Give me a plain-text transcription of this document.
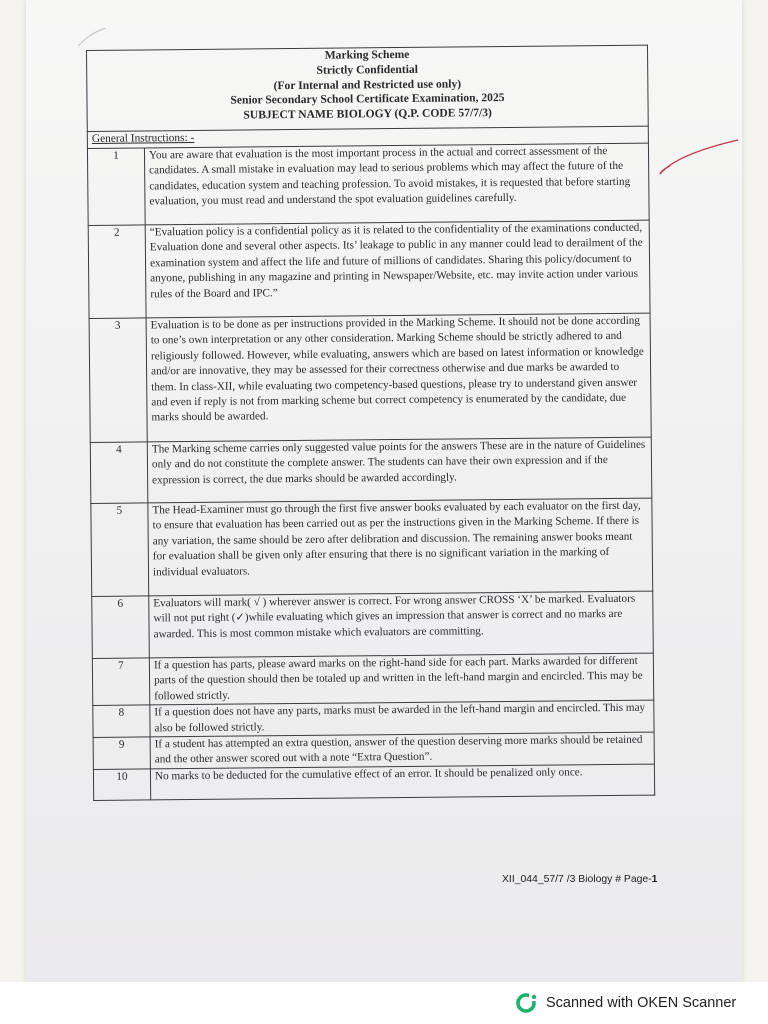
Marking Scheme
Strictly Confidential
(For Internal and Restricted use only)
Senior Secondary School Certificate Examination, 2025
SUBJECT NAME BIOLOGY (Q.P. CODE 57/7/3)	

General Instructions: -	
1	You are aware that evaluation is the most important process in the actual and correct assessment of the candidates. A small mistake in evaluation may lead to serious problems which may affect the future of the candidates, education system and teaching profession. To avoid mistakes, it is requested that before starting evaluation, you must read and understand the spot evaluation guidelines carefully.
2	“Evaluation policy is a confidential policy as it is related to the confidentiality of the examinations conducted, Evaluation done and several other aspects. Its’ leakage to public in any manner could lead to derailment of the examination system and affect the life and future of millions of candidates. Sharing this policy/document to anyone, publishing in any magazine and printing in Newspaper/Website, etc. may invite action under various rules of the Board and IPC.”
3	Evaluation is to be done as per instructions provided in the Marking Scheme. It should not be done according to one’s own interpretation or any other consideration. Marking Scheme should be strictly adhered to and religiously followed. However, while evaluating, answers which are based on latest information or knowledge and/or are innovative, they may be assessed for their correctness otherwise and due marks be awarded to them. In class-XII, while evaluating two competency-based questions, please try to understand given answer and even if reply is not from marking scheme but correct competency is enumerated by the candidate, due marks should be awarded.
4	The Marking scheme carries only suggested value points for the answers These are in the nature of Guidelines only and do not constitute the complete answer. The students can have their own expression and if the expression is correct, the due marks should be awarded accordingly.
5	The Head-Examiner must go through the first five answer books evaluated by each evaluator on the first day, to ensure that evaluation has been carried out as per the instructions given in the Marking Scheme. If there is any variation, the same should be zero after delibration and discussion. The remaining answer books meant for evaluation shall be given only after ensuring that there is no significant variation in the marking of individual evaluators.
6	Evaluators will mark( √ ) wherever answer is correct. For wrong answer CROSS ‘X’ be marked. Evaluators will not put right (✓)while evaluating which gives an impression that answer is correct and no marks are awarded. This is most common mistake which evaluators are committing.
7	If a question has parts, please award marks on the right-hand side for each part. Marks awarded for different parts of the question should then be totaled up and written in the left-hand margin and encircled. This may be followed strictly.
8	If a question does not have any parts, marks must be awarded in the left-hand margin and encircled. This may also be followed strictly.
9	If a student has attempted an extra question, answer of the question deserving more marks should be retained and the other answer scored out with a note “Extra Question”.
10	No marks to be deducted for the cumulative effect of an error. It should be penalized only once.
XII_044_57/7 /3 Biology # Page-1
Scanned with OKEN Scanner
